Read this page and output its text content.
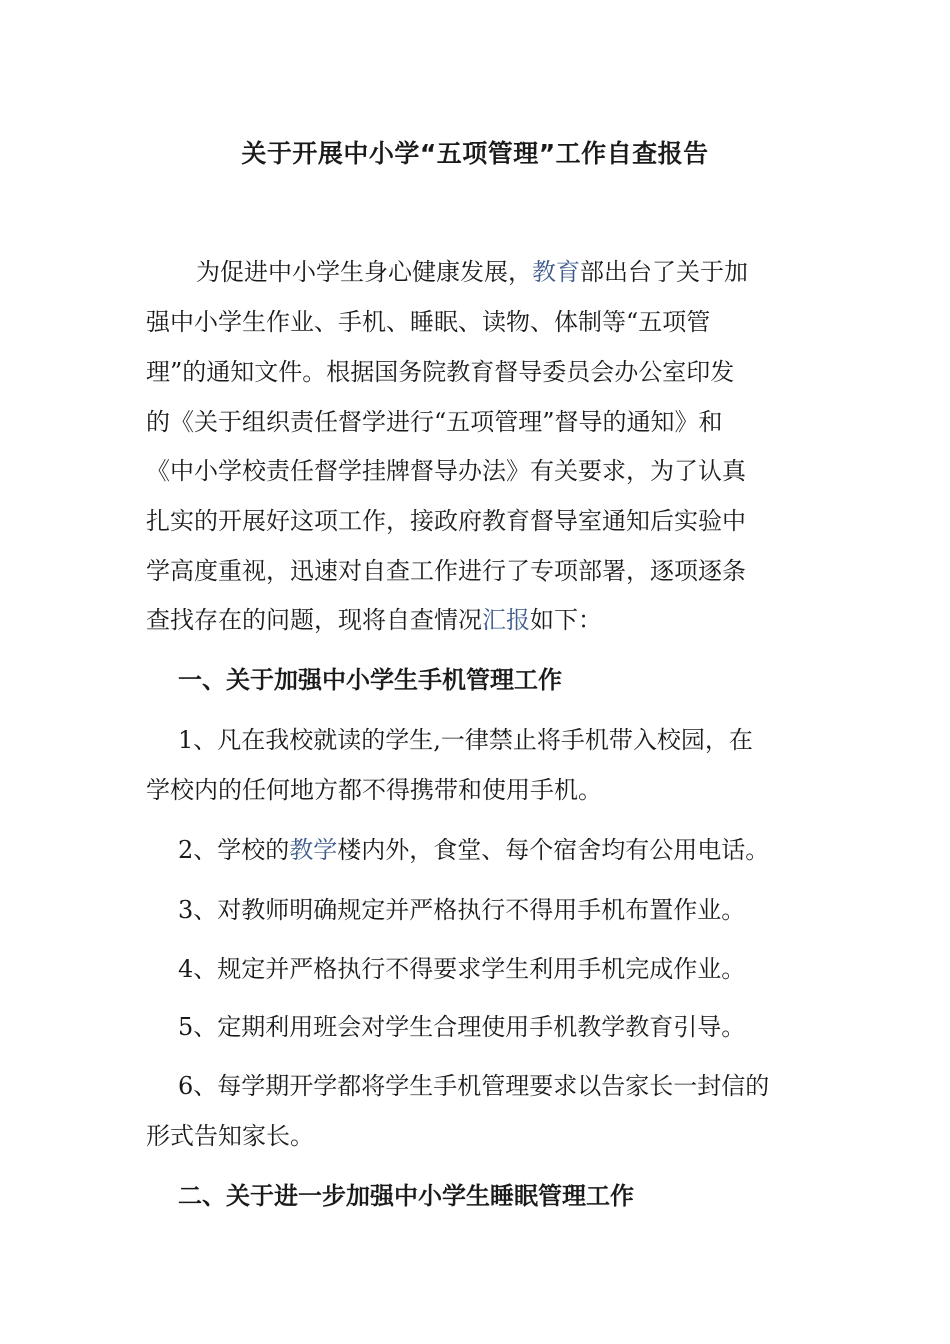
关于开展中小学“五项管理”工作自查报告
为促进中小学生身心健康发展，教育部出台了关于加
强中小学生作业、手机、睡眠、读物、体制等“五项管
理”的通知文件。根据国务院教育督导委员会办公室印发
的《关于组织责任督学进行“五项管理”督导的通知》和
《中小学校责任督学挂牌督导办法》有关要求，为了认真
扎实的开展好这项工作，接政府教育督导室通知后实验中
学高度重视，迅速对自查工作进行了专项部署，逐项逐条
查找存在的问题，现将自查情况汇报如下：
一、关于加强中小学生手机管理工作
1、凡在我校就读的学生,一律禁止将手机带入校园，在
学校内的任何地方都不得携带和使用手机。
2、学校的教学楼内外，食堂、每个宿舍均有公用电话。
3、对教师明确规定并严格执行不得用手机布置作业。
4、规定并严格执行不得要求学生利用手机完成作业。
5、定期利用班会对学生合理使用手机教学教育引导。
6、每学期开学都将学生手机管理要求以告家长一封信的
形式告知家长。
二、关于进一步加强中小学生睡眠管理工作
